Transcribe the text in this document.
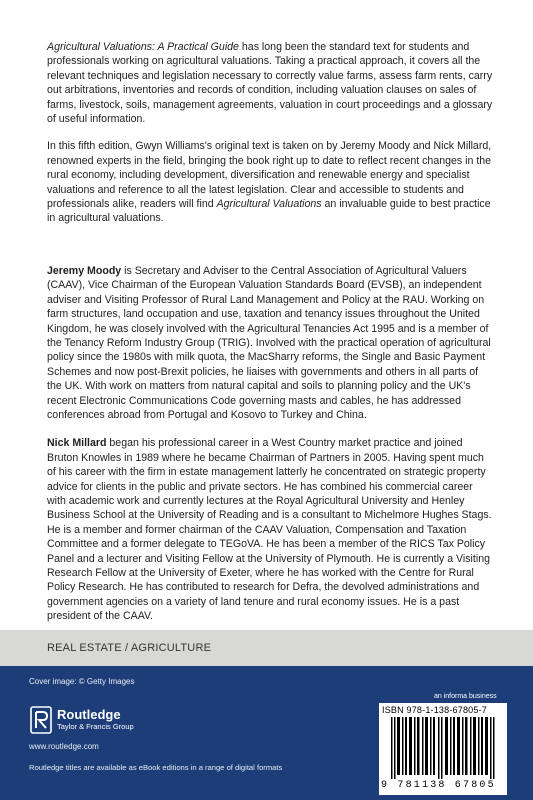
Agricultural Valuations: A Practical Guide has long been the standard text for students and professionals working on agricultural valuations. Taking a practical approach, it covers all the relevant techniques and legislation necessary to correctly value farms, assess farm rents, carry out arbitrations, inventories and records of condition, including valuation clauses on sales of farms, livestock, soils, management agreements, valuation in court proceedings and a glossary of useful information.

In this fifth edition, Gwyn Williams's original text is taken on by Jeremy Moody and Nick Millard, renowned experts in the field, bringing the book right up to date to reflect recent changes in the rural economy, including development, diversification and renewable energy and specialist valuations and reference to all the latest legislation. Clear and accessible to students and professionals alike, readers will find Agricultural Valuations an invaluable guide to best practice in agricultural valuations.

Jeremy Moody is Secretary and Adviser to the Central Association of Agricultural Valuers (CAAV), Vice Chairman of the European Valuation Standards Board (EVSB), an independent adviser and Visiting Professor of Rural Land Management and Policy at the RAU. Working on farm structures, land occupation and use, taxation and tenancy issues throughout the United Kingdom, he was closely involved with the Agricultural Tenancies Act 1995 and is a member of the Tenancy Reform Industry Group (TRIG). Involved with the practical operation of agricultural policy since the 1980s with milk quota, the MacSharry reforms, the Single and Basic Payment Schemes and now post-Brexit policies, he liaises with governments and others in all parts of the UK. With work on matters from natural capital and soils to planning policy and the UK's recent Electronic Communications Code governing masts and cables, he has addressed conferences abroad from Portugal and Kosovo to Turkey and China.

Nick Millard began his professional career in a West Country market practice and joined Bruton Knowles in 1989 where he became Chairman of Partners in 2005. Having spent much of his career with the firm in estate management latterly he concentrated on strategic property advice for clients in the public and private sectors. He has combined his commercial career with academic work and currently lectures at the Royal Agricultural University and Henley Business School at the University of Reading and is a consultant to Michelmore Hughes Stags. He is a member and former chairman of the CAAV Valuation, Compensation and Taxation Committee and a former delegate to TEGoVA. He has been a member of the RICS Tax Policy Panel and a lecturer and Visiting Fellow at the University of Plymouth. He is currently a Visiting Research Fellow at the University of Exeter, where he has worked with the Centre for Rural Policy Research. He has contributed to research for Defra, the devolved administrations and government agencies on a variety of land tenure and rural economy issues. He is a past president of the CAAV.

REAL ESTATE / AGRICULTURE
Cover image: © Getty Images
Routledge
Taylor & Francis Group
www.routledge.com
Routledge titles are available as eBook editions in a range of digital formats
an informa business
ISBN 978-1-138-67805-7
9 781138 67805
